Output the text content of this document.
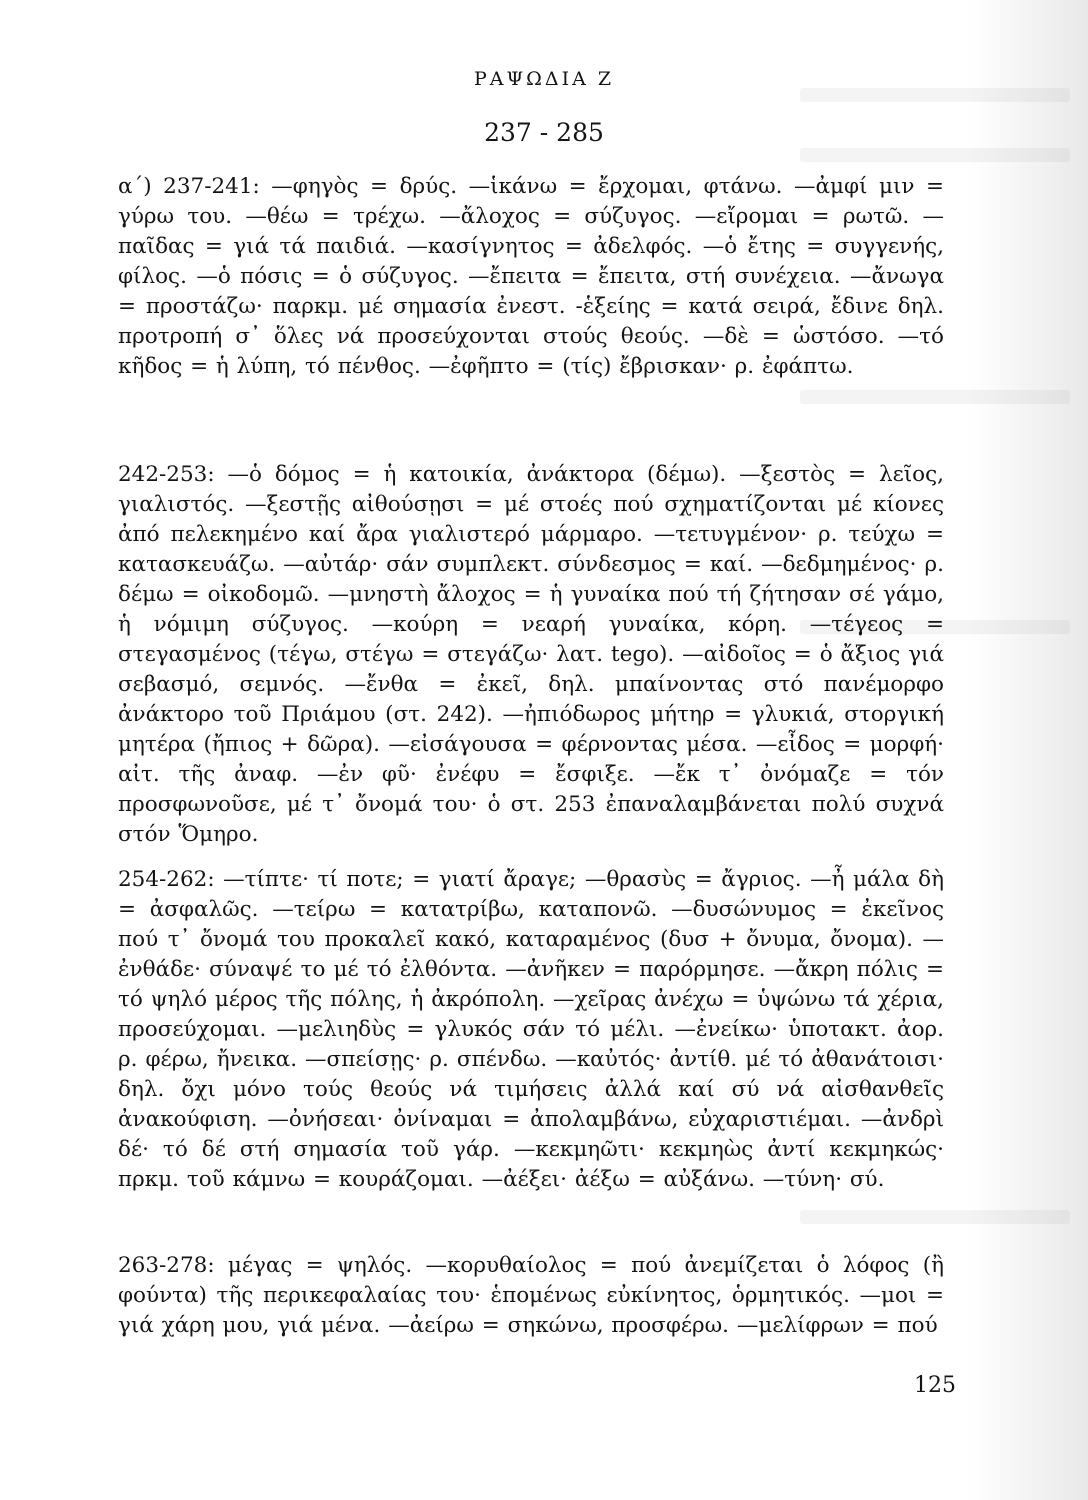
ΡΑΨΩΔΙΑ Ζ
237 - 285

α΄) 237-241: —φηγὸς = δρύς. —ἱκάνω = ἔρχομαι, φτάνω. —ἀμφί μιν = γύρω του. —θέω = τρέχω. —ἄλοχος = σύζυγος. —εἴρομαι = ρωτῶ. —παῖδας = γιά τά παιδιά. —κασίγνητος = ἀδελφός. —ὁ ἔτης = συγγενής, φίλος. —ὁ πόσις = ὁ σύζυγος. —ἔπειτα = ἔπειτα, στή συνέχεια. —ἄνωγα = προστάζω· παρκμ. μέ σημασία ἐνεστ. -ἑξείης = κατά σειρά, ἔδινε δηλ. προτροπή σ᾿ ὅλες νά προσεύχονται στούς θεούς. —δὲ = ὡστόσο. —τό κῆδος = ἡ λύπη, τό πένθος. —ἐφῆπτο = (τίς) ἔβρισκαν· ρ. ἐφάπτω.

242-253: —ὁ δόμος = ἡ κατοικία, ἀνάκτορα (δέμω). —ξεστὸς = λεῖος, γιαλιστός. —ξεστῇς αἰθούσῃσι = μέ στοές πού σχηματίζονται μέ κίονες ἀπό πελεκημένο καί ἄρα γιαλιστερό μάρμαρο. —τετυγμένον· ρ. τεύχω = κατασκευάζω. —αὐτάρ· σάν συμπλεκτ. σύνδεσμος = καί. —δεδμημένος· ρ. δέμω = οἰκοδομῶ. —μνηστὴ ἄλοχος = ἡ γυναίκα πού τή ζήτησαν σέ γάμο, ἡ νόμιμη σύζυγος. —κούρη = νεαρή γυναίκα, κόρη. —τέγεος = στεγασμένος (τέγω, στέγω = στεγάζω· λατ. tego). —αἰδοῖος = ὁ ἄξιος γιά σεβασμό, σεμνός. —ἔνθα = ἐκεῖ, δηλ. μπαίνοντας στό πανέμορφο ἀνάκτορο τοῦ Πριάμου (στ. 242). —ἠπιόδωρος μήτηρ = γλυκιά, στοργική μητέρα (ἤπιος + δῶρα). —εἰσάγουσα = φέρνοντας μέσα. —εἶδος = μορφή· αἰτ. τῆς ἀναφ. —ἐν φῦ· ἐνέφυ = ἔσφιξε. —ἔκ τ᾿ ὀνόμαζε = τόν προσφωνοῦσε, μέ τ᾿ ὄνομά του· ὁ στ. 253 ἐπαναλαμβάνεται πολύ συχνά στόν Ὅμηρο.

254-262: —τίπτε· τί ποτε; = γιατί ἄραγε; —θρασὺς = ἄγριος. —ἦ μάλα δὴ = ἀσφαλῶς. —τείρω = κατατρίβω, καταπονῶ. —δυσώνυμος = ἐκεῖνος πού τ᾿ ὄνομά του προκαλεῖ κακό, καταραμένος (δυσ + ὄνυμα, ὄνομα). —ἐνθάδε· σύναψέ το μέ τό ἐλθόντα. —ἀνῆκεν = παρόρμησε. —ἄκρη πόλις = τό ψηλό μέρος τῆς πόλης, ἡ ἀκρόπολη. —χεῖρας ἀνέχω = ὑψώνω τά χέρια, προσεύχομαι. —μελιηδὺς = γλυκός σάν τό μέλι. —ἐνείκω· ὑποτακτ. ἀορ. ρ. φέρω, ἤνεικα. —σπείσῃς· ρ. σπένδω. —καὐτός· ἀντίθ. μέ τό ἀθανάτοισι· δηλ. ὄχι μόνο τούς θεούς νά τιμήσεις ἀλλά καί σύ νά αἰσθανθεῖς ἀνακούφιση. —ὀνήσεαι· ὀνίναμαι = ἀπολαμβάνω, εὐχαριστιέμαι. —ἀνδρὶ δέ· τό δέ στή σημασία τοῦ γάρ. —κεκμηῶτι· κεκμηὼς ἀντί κεκμηκώς· πρκμ. τοῦ κάμνω = κουράζομαι. —ἀέξει· ἀέξω = αὐξάνω. —τύνη· σύ.

263-278: μέγας = ψηλός. —κορυθαίολος = πού ἀνεμίζεται ὁ λόφος (ἢ φούντα) τῆς περικεφαλαίας του· ἑπομένως εὐκίνητος, ὁρμητικός. —μοι = γιά χάρη μου, γιά μένα. —ἀείρω = σηκώνω, προσφέρω. —μελίφρων = πού

125
